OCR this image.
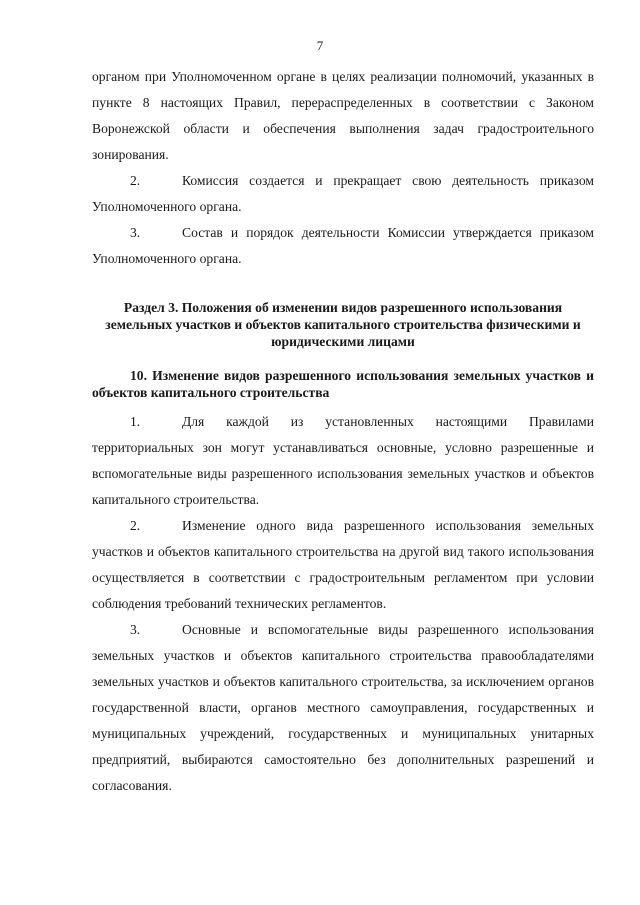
7

органом при Уполномоченном органе в целях реализации полномочий, указанных в пункте 8 настоящих Правил, перераспределенных в соответствии с Законом Воронежской области и обеспечения выполнения задач градостроительного зонирования.

2.	Комиссия создается и прекращает свою деятельность приказом Уполномоченного органа.

3.	Состав и порядок деятельности Комиссии утверждается приказом Уполномоченного органа.

Раздел 3. Положения об изменении видов разрешенного использования земельных участков и объектов капитального строительства физическими и юридическими лицами
10. Изменение видов разрешенного использования земельных участков и объектов капитального строительства

1.	Для каждой из установленных настоящими Правилами территориальных зон могут устанавливаться основные, условно разрешенные и вспомогательные виды разрешенного использования земельных участков и объектов капитального строительства.

2.	Изменение одного вида разрешенного использования земельных участков и объектов капитального строительства на другой вид такого использования осуществляется в соответствии с градостроительным регламентом при условии соблюдения требований технических регламентов.

3.	Основные и вспомогательные виды разрешенного использования земельных участков и объектов капитального строительства правообладателями земельных участков и объектов капитального строительства, за исключением органов государственной власти, органов местного самоуправления, государственных и муниципальных учреждений, государственных и муниципальных унитарных предприятий, выбираются самостоятельно без дополнительных разрешений и согласования.
